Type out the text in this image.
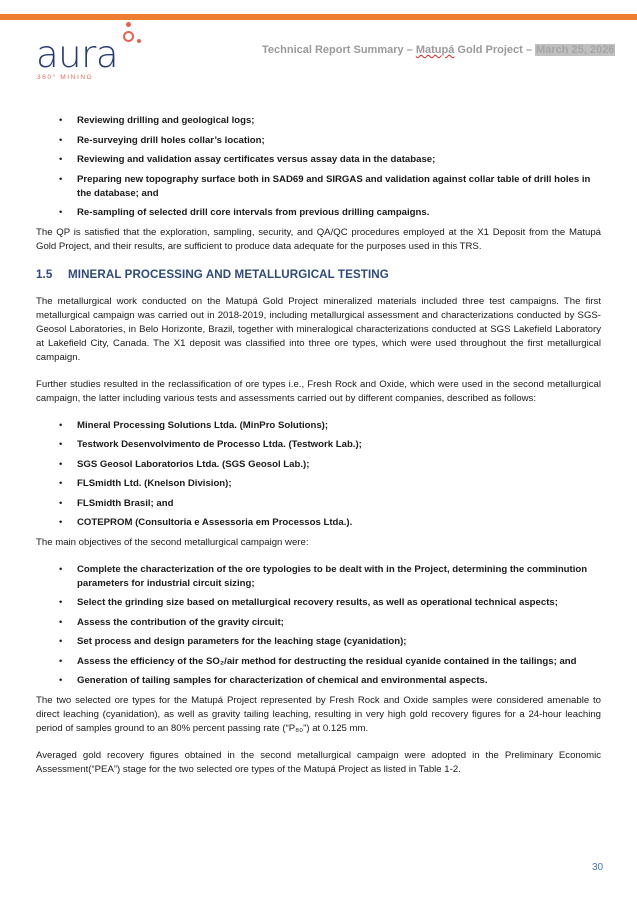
aura
360° MINING
Technical Report Summary – Matupá Gold Project – March 25, 2026
• Reviewing drilling and geological logs;
• Re-surveying drill holes collar’s location;
• Reviewing and validation assay certificates versus assay data in the database;
• Preparing new topography surface both in SAD69 and SIRGAS and validation against collar table of drill holes in the database; and
• Re-sampling of selected drill core intervals from previous drilling campaigns.

The QP is satisfied that the exploration, sampling, security, and QA/QC procedures employed at the X1 Deposit from the Matupá Gold Project, and their results, are sufficient to produce data adequate for the purposes used in this TRS.

1.5 MINERAL PROCESSING AND METALLURGICAL TESTING

The metallurgical work conducted on the Matupá Gold Project mineralized materials included three test campaigns. The first metallurgical campaign was carried out in 2018-2019, including metallurgical assessment and characterizations conducted by SGS-Geosol Laboratories, in Belo Horizonte, Brazil, together with mineralogical characterizations conducted at SGS Lakefield Laboratory at Lakefield City, Canada. The X1 deposit was classified into three ore types, which were used throughout the first metallurgical campaign.

Further studies resulted in the reclassification of ore types i.e., Fresh Rock and Oxide, which were used in the second metallurgical campaign, the latter including various tests and assessments carried out by different companies, described as follows:

• Mineral Processing Solutions Ltda. (MinPro Solutions);
• Testwork Desenvolvimento de Processo Ltda. (Testwork Lab.);
• SGS Geosol Laboratorios Ltda. (SGS Geosol Lab.);
• FLSmidth Ltd. (Knelson Division);
• FLSmidth Brasil; and
• COTEPROM (Consultoria e Assessoria em Processos Ltda.).

The main objectives of the second metallurgical campaign were:

• Complete the characterization of the ore typologies to be dealt with in the Project, determining the comminution parameters for industrial circuit sizing;
• Select the grinding size based on metallurgical recovery results, as well as operational technical aspects;
• Assess the contribution of the gravity circuit;
• Set process and design parameters for the leaching stage (cyanidation);
• Assess the efficiency of the SO₂/air method for destructing the residual cyanide contained in the tailings; and
• Generation of tailing samples for characterization of chemical and environmental aspects.

The two selected ore types for the Matupá Project represented by Fresh Rock and Oxide samples were considered amenable to direct leaching (cyanidation), as well as gravity tailing leaching, resulting in very high gold recovery figures for a 24-hour leaching period of samples ground to an 80% percent passing rate (“P₈₀”) at 0.125 mm.

Averaged gold recovery figures obtained in the second metallurgical campaign were adopted in the Preliminary Economic Assessment(“PEA”) stage for the two selected ore types of the Matupá Project as listed in Table 1-2.

30
